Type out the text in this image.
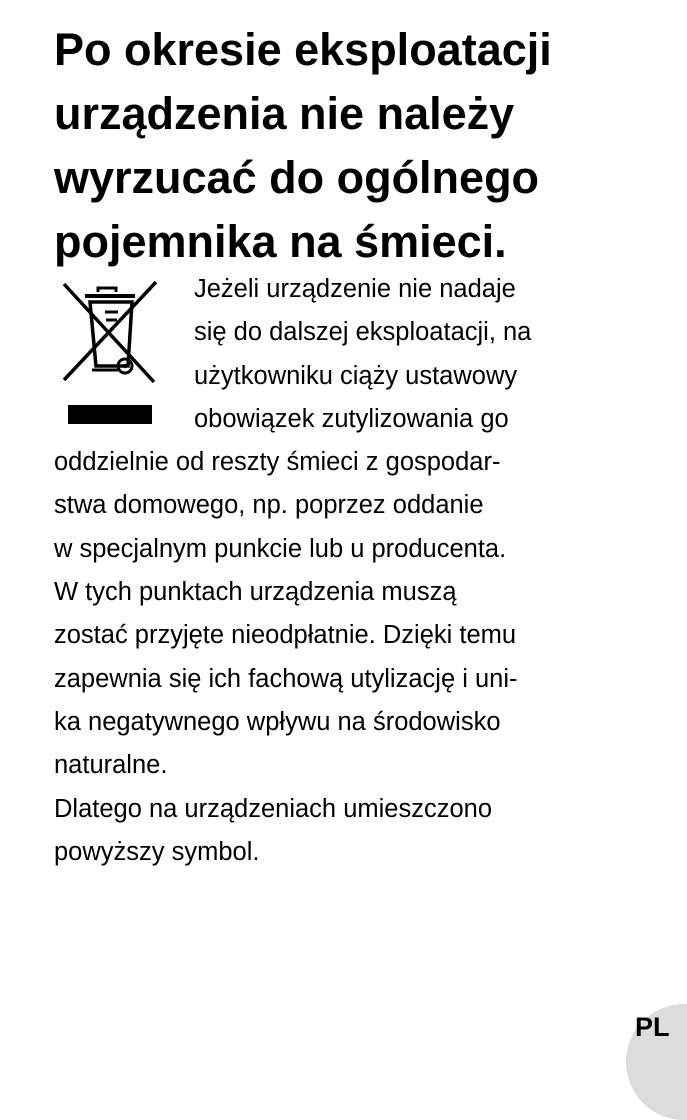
Po okresie eksploatacji
urządzenia nie należy
wyrzucać do ogólnego
pojemnika na śmieci.
Jeżeli urządzenie nie nadaje
się do dalszej eksploatacji, na
użytkowniku ciąży ustawowy
obowiązek zutylizowania go
oddzielnie od reszty śmieci z gospodar-
stwa domowego, np. poprzez oddanie
w specjalnym punkcie lub u producenta.
W tych punktach urządzenia muszą
zostać przyjęte nieodpłatnie. Dzięki temu
zapewnia się ich fachową utylizację i uni-
ka negatywnego wpływu na środowisko
naturalne.
Dlatego na urządzeniach umieszczono
powyższy symbol.
PL
